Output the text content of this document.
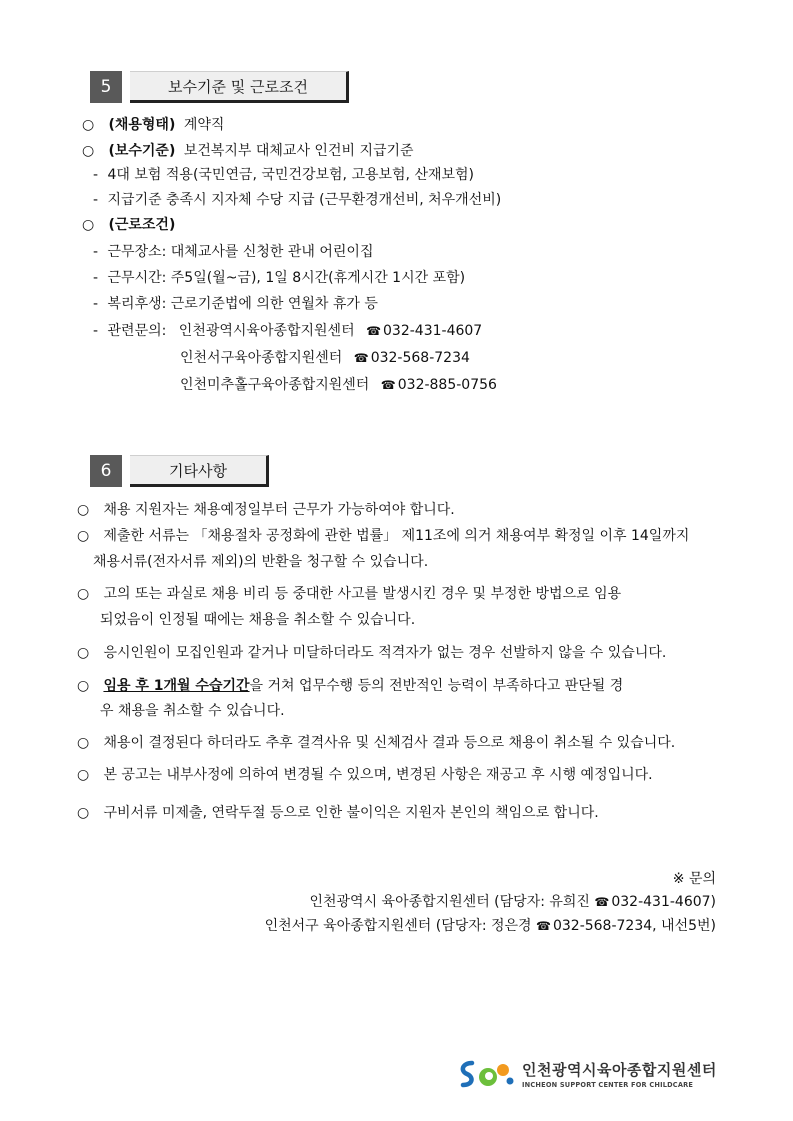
5	보수기준 및 근로조건
○ (채용형태) 계약직
○ (보수기준) 보건복지부 대체교사 인건비 지급기준
- 4대 보험 적용(국민연금, 국민건강보험, 고용보험, 산재보험)
- 지급기준 충족시 지자체 수당 지급 (근무환경개선비, 처우개선비)
○ (근로조건)
- 근무장소: 대체교사를 신청한 관내 어린이집
- 근무시간: 주5일(월~금), 1일 8시간(휴게시간 1시간 포함)
- 복리후생: 근로기준법에 의한 연월차 휴가 등
- 관련문의: 인천광역시육아종합지원센터 ☎ 032-431-4607
인천서구육아종합지원센터 ☎ 032-568-7234
인천미추홀구육아종합지원센터 ☎ 032-885-0756
6	기타사항
○ 채용 지원자는 채용예정일부터 근무가 가능하여야 합니다.
○ 제출한 서류는 「채용절차 공정화에 관한 법률」 제11조에 의거 채용여부 확정일 이후 14일까지
채용서류(전자서류 제외)의 반환을 청구할 수 있습니다.
○ 고의 또는 과실로 채용 비리 등 중대한 사고를 발생시킨 경우 및 부정한 방법으로 임용
되었음이 인정될 때에는 채용을 취소할 수 있습니다.
○ 응시인원이 모집인원과 같거나 미달하더라도 적격자가 없는 경우 선발하지 않을 수 있습니다.
○ 임용 후 1개월 수습기간을 거쳐 업무수행 등의 전반적인 능력이 부족하다고 판단될 경
우 채용을 취소할 수 있습니다.
○ 채용이 결정된다 하더라도 추후 결격사유 및 신체검사 결과 등으로 채용이 취소될 수 있습니다.
○ 본 공고는 내부사정에 의하여 변경될 수 있으며, 변경된 사항은 재공고 후 시행 예정입니다.
○ 구비서류 미제출, 연락두절 등으로 인한 불이익은 지원자 본인의 책임으로 합니다.
※ 문의
인천광역시 육아종합지원센터 (담당자: 유희진 ☎ 032-431-4607)
인천서구 육아종합지원센터 (담당자: 정은경 ☎ 032-568-7234, 내선5번)
인천광역시육아종합지원센터
INCHEON SUPPORT CENTER FOR CHILDCARE
